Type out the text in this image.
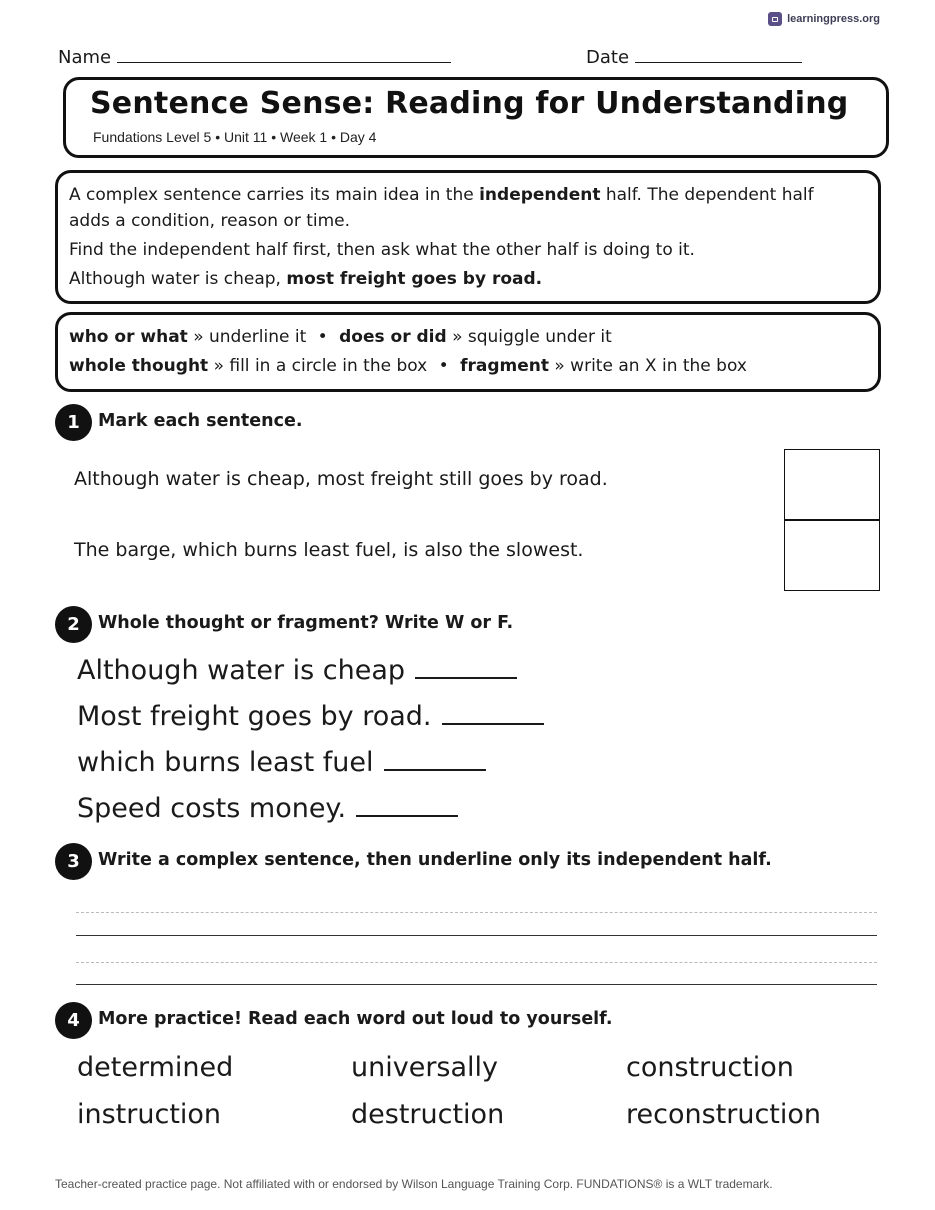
learningpress.org
Name	Date
Sentence Sense: Reading for Understanding
Fundations Level 5 • Unit 11 • Week 1 • Day 4
A complex sentence carries its main idea in the independent half. The dependent half
adds a condition, reason or time.
Find the independent half first, then ask what the other half is doing to it.
Although water is cheap, most freight goes by road.
who or what » underline it • does or did » squiggle under it
whole thought » fill in a circle in the box • fragment » write an X in the box
1	Mark each sentence.
Although water is cheap, most freight still goes by road.
The barge, which burns least fuel, is also the slowest.
2	Whole thought or fragment? Write W or F.
Although water is cheap
Most freight goes by road.
which burns least fuel
Speed costs money.
3	Write a complex sentence, then underline only its independent half.
4	More practice! Read each word out loud to yourself.
determined	universally	construction
instruction	destruction	reconstruction
Teacher-created practice page. Not affiliated with or endorsed by Wilson Language Training Corp. FUNDATIONS® is a WLT trademark.
